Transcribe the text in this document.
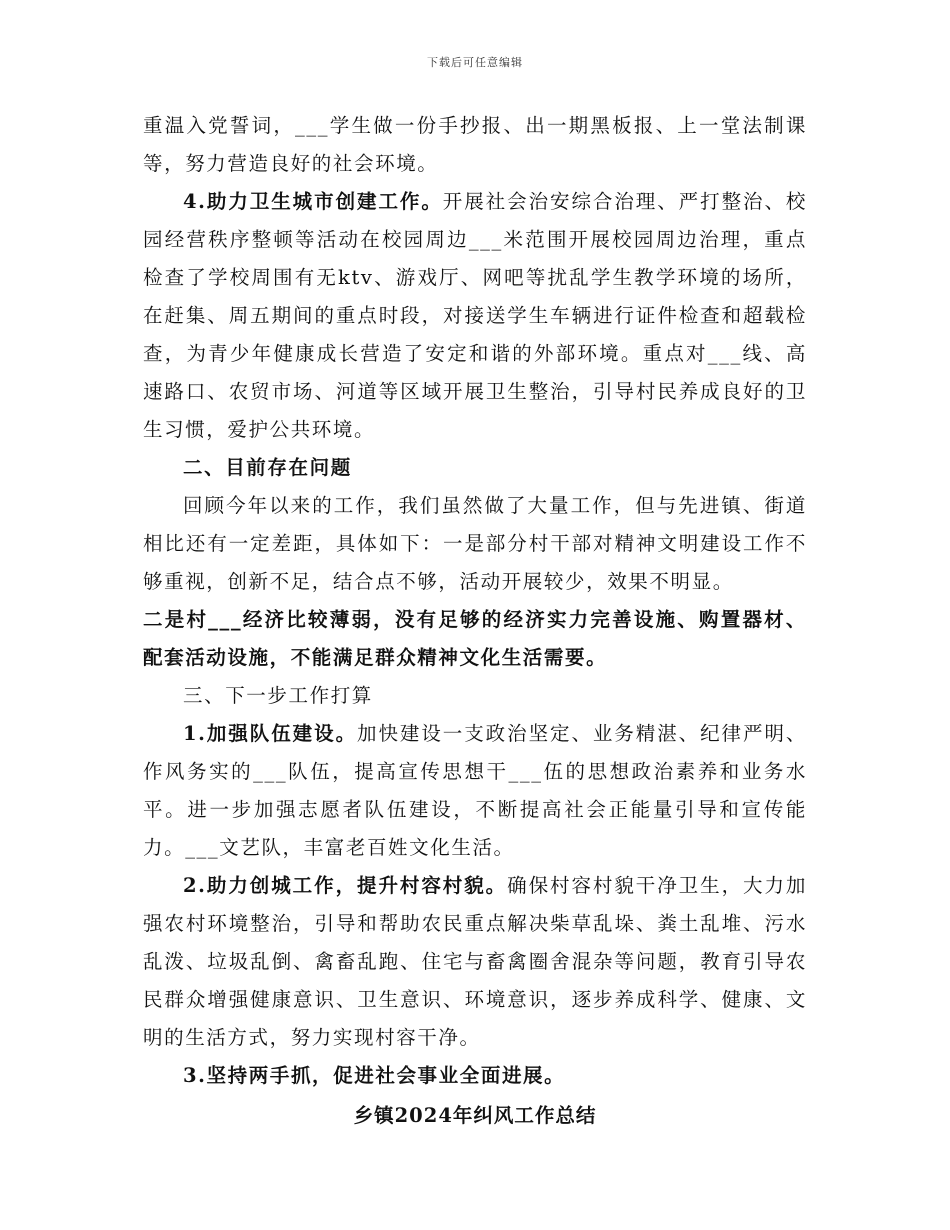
下载后可任意编辑

重温入党誓词，___学生做一份手抄报、出一期黑板报、上一堂法制课等，努力营造良好的社会环境。

4.助力卫生城市创建工作。开展社会治安综合治理、严打整治、校园经营秩序整顿等活动在校园周边___米范围开展校园周边治理，重点检查了学校周围有无ktv、游戏厅、网吧等扰乱学生教学环境的场所，在赶集、周五期间的重点时段，对接送学生车辆进行证件检查和超载检查，为青少年健康成长营造了安定和谐的外部环境。重点对___线、高速路口、农贸市场、河道等区域开展卫生整治，引导村民养成良好的卫生习惯，爱护公共环境。

二、目前存在问题

回顾今年以来的工作，我们虽然做了大量工作，但与先进镇、街道相比还有一定差距，具体如下：一是部分村干部对精神文明建设工作不够重视，创新不足，结合点不够，活动开展较少，效果不明显。

二是村___经济比较薄弱，没有足够的经济实力完善设施、购置器材、配套活动设施，不能满足群众精神文化生活需要。

三、下一步工作打算

1.加强队伍建设。加快建设一支政治坚定、业务精湛、纪律严明、作风务实的___队伍，提高宣传思想干___伍的思想政治素养和业务水平。进一步加强志愿者队伍建设，不断提高社会正能量引导和宣传能力。___文艺队，丰富老百姓文化生活。

2.助力创城工作，提升村容村貌。确保村容村貌干净卫生，大力加强农村环境整治，引导和帮助农民重点解决柴草乱垛、粪土乱堆、污水乱泼、垃圾乱倒、禽畜乱跑、住宅与畜禽圈舍混杂等问题，教育引导农民群众增强健康意识、卫生意识、环境意识，逐步养成科学、健康、文明的生活方式，努力实现村容干净。

3.坚持两手抓，促进社会事业全面进展。

乡镇2024年纠风工作总结
